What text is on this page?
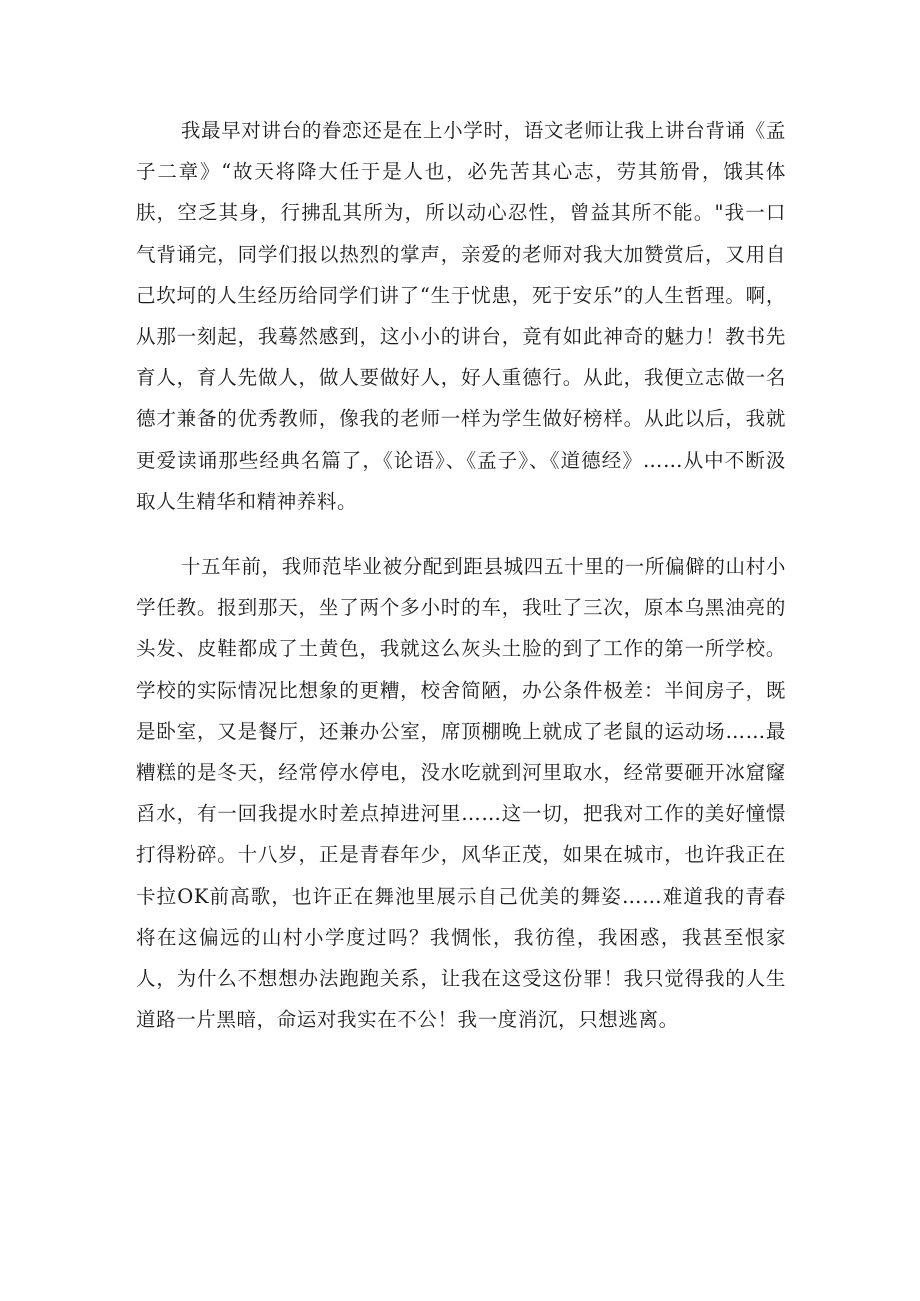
我最早对讲台的眷恋还是在上小学时，语文老师让我上讲台背诵《孟子二章》“故天将降大任于是人也，必先苦其心志，劳其筋骨，饿其体肤，空乏其身，行拂乱其所为，所以动心忍性，曾益其所不能。"我一口气背诵完，同学们报以热烈的掌声，亲爱的老师对我大加赞赏后，又用自己坎坷的人生经历给同学们讲了“生于忧患，死于安乐”的人生哲理。啊，从那一刻起，我蓦然感到，这小小的讲台，竟有如此神奇的魅力！教书先育人，育人先做人，做人要做好人，好人重德行。从此，我便立志做一名德才兼备的优秀教师，像我的老师一样为学生做好榜样。从此以后，我就更爱读诵那些经典名篇了，《论语》、《孟子》、《道德经》……从中不断汲取人生精华和精神养料。

十五年前，我师范毕业被分配到距县城四五十里的一所偏僻的山村小学任教。报到那天，坐了两个多小时的车，我吐了三次，原本乌黑油亮的头发、皮鞋都成了土黄色，我就这么灰头土脸的到了工作的第一所学校。学校的实际情况比想象的更糟，校舍简陋，办公条件极差：半间房子，既是卧室，又是餐厅，还兼办公室，席顶棚晚上就成了老鼠的运动场……最糟糕的是冬天，经常停水停电，没水吃就到河里取水，经常要砸开冰窟窿舀水，有一回我提水时差点掉进河里……这一切，把我对工作的美好憧憬打得粉碎。十八岁，正是青春年少，风华正茂，如果在城市，也许我正在卡拉OK前高歌，也许正在舞池里展示自己优美的舞姿……难道我的青春将在这偏远的山村小学度过吗？我惆怅，我彷徨，我困惑，我甚至恨家人，为什么不想想办法跑跑关系，让我在这受这份罪！我只觉得我的人生道路一片黑暗，命运对我实在不公！我一度消沉，只想逃离。
